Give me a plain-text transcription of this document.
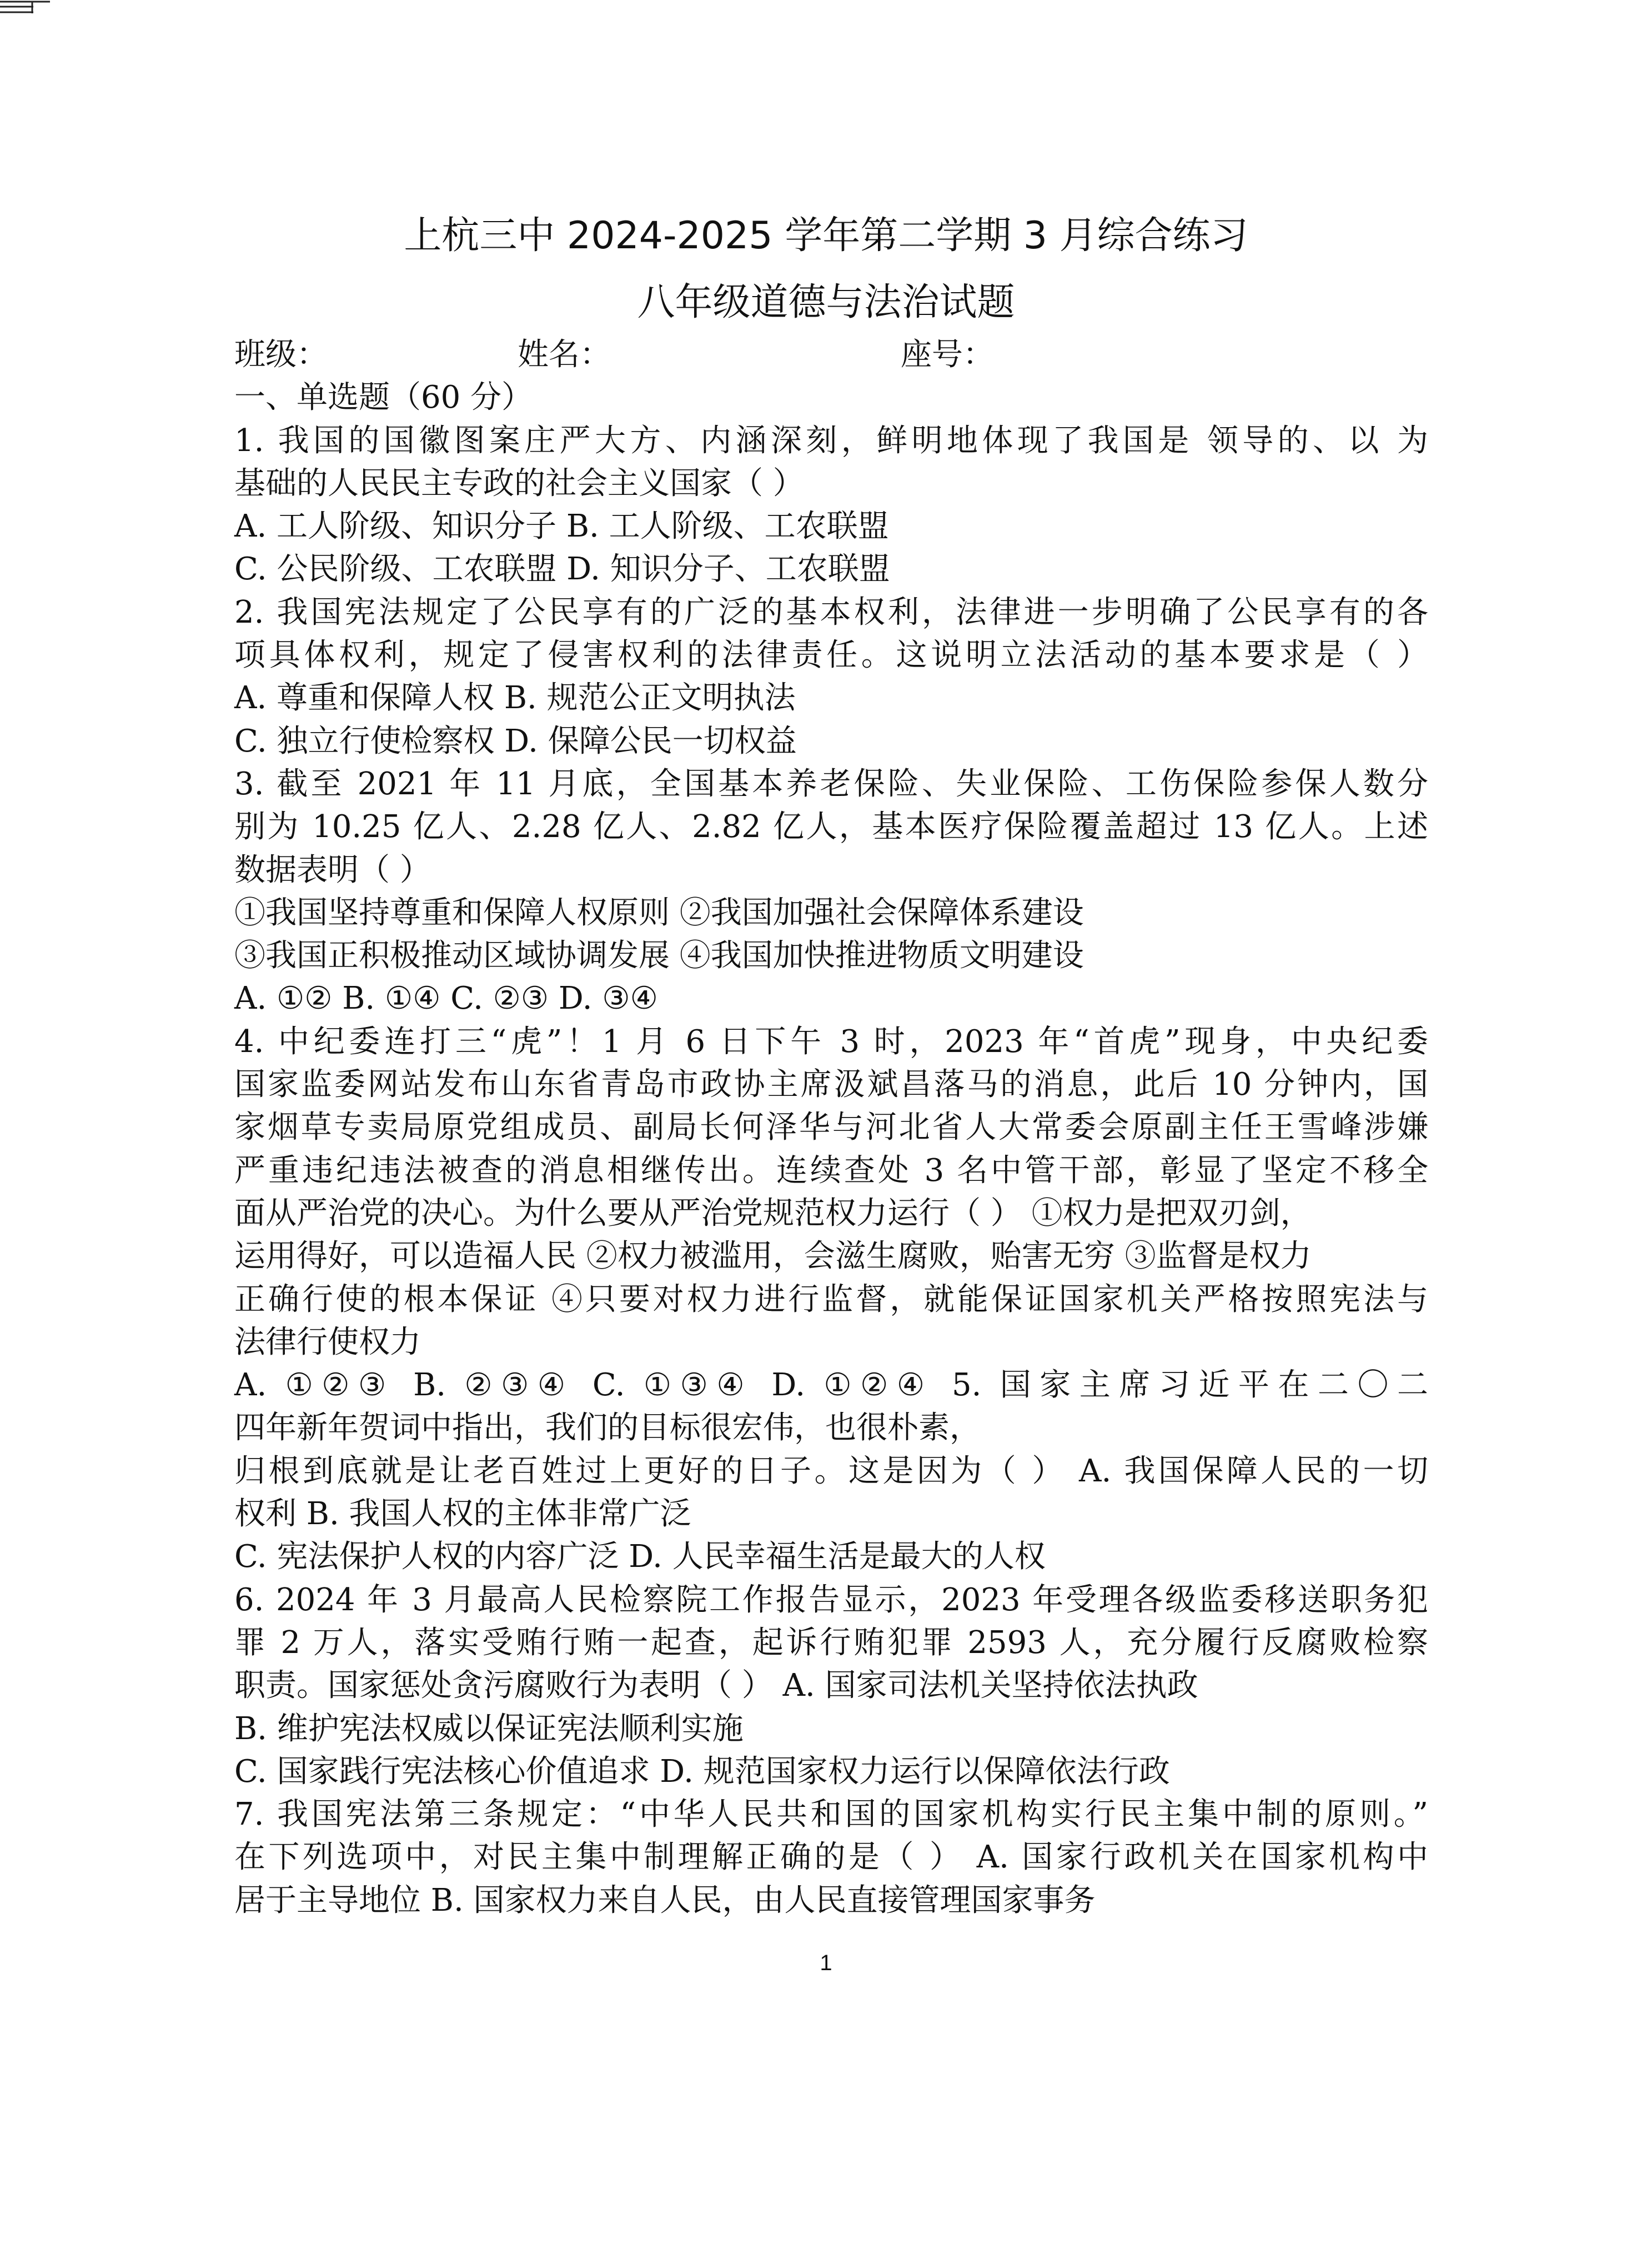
上杭三中 2024-2025 学年第二学期 3 月综合练习
八年级道德与法治试题
班级：	姓名：	座号：
一、单选题（60 分）
1. 我国的国徽图案庄严大方、内涵深刻，鲜明地体现了我国是 领导的、以 为
基础的人民民主专政的社会主义国家（ ）
A. 工人阶级、知识分子 B. 工人阶级、工农联盟
C. 公民阶级、工农联盟 D. 知识分子、工农联盟
2. 我国宪法规定了公民享有的广泛的基本权利，法律进一步明确了公民享有的各
项具体权利，规定了侵害权利的法律责任。这说明立法活动的基本要求是（ ）
A. 尊重和保障人权 B. 规范公正文明执法
C. 独立行使检察权 D. 保障公民一切权益
3. 截至 2021 年 11 月底，全国基本养老保险、失业保险、工伤保险参保人数分
别为 10.25 亿人、2.28 亿人、2.82 亿人，基本医疗保险覆盖超过 13 亿人。上述
数据表明（ ）
①我国坚持尊重和保障人权原则 ②我国加强社会保障体系建设
③我国正积极推动区域协调发展 ④我国加快推进物质文明建设
A. ①② B. ①④ C. ②③ D. ③④
4. 中纪委连打三“虎”！1 月 6 日下午 3 时，2023 年“首虎”现身，中央纪委
国家监委网站发布山东省青岛市政协主席汲斌昌落马的消息，此后 10 分钟内，国
家烟草专卖局原党组成员、副局长何泽华与河北省人大常委会原副主任王雪峰涉嫌
严重违纪违法被查的消息相继传出。连续查处 3 名中管干部，彰显了坚定不移全
面从严治党的决心。为什么要从严治党规范权力运行（ ） ①权力是把双刃剑，
运用得好，可以造福人民 ②权力被滥用，会滋生腐败，贻害无穷 ③监督是权力
正确行使的根本保证 ④只要对权力进行监督，就能保证国家机关严格按照宪法与
法律行使权力
A. ①②③ B. ②③④ C. ①③④ D. ①②④ 5. 国家主席习近平在二〇二
四年新年贺词中指出，我们的目标很宏伟，也很朴素，
归根到底就是让老百姓过上更好的日子。这是因为（ ） A. 我国保障人民的一切
权利 B. 我国人权的主体非常广泛
C. 宪法保护人权的内容广泛 D. 人民幸福生活是最大的人权
6. 2024 年 3 月最高人民检察院工作报告显示，2023 年受理各级监委移送职务犯
罪 2 万人，落实受贿行贿一起查，起诉行贿犯罪 2593 人，充分履行反腐败检察
职责。国家惩处贪污腐败行为表明（ ） A. 国家司法机关坚持依法执政
B. 维护宪法权威以保证宪法顺利实施
C. 国家践行宪法核心价值追求 D. 规范国家权力运行以保障依法行政
7. 我国宪法第三条规定：“中华人民共和国的国家机构实行民主集中制的原则。”
在下列选项中，对民主集中制理解正确的是（ ） A. 国家行政机关在国家机构中
居于主导地位 B. 国家权力来自人民，由人民直接管理国家事务
1
